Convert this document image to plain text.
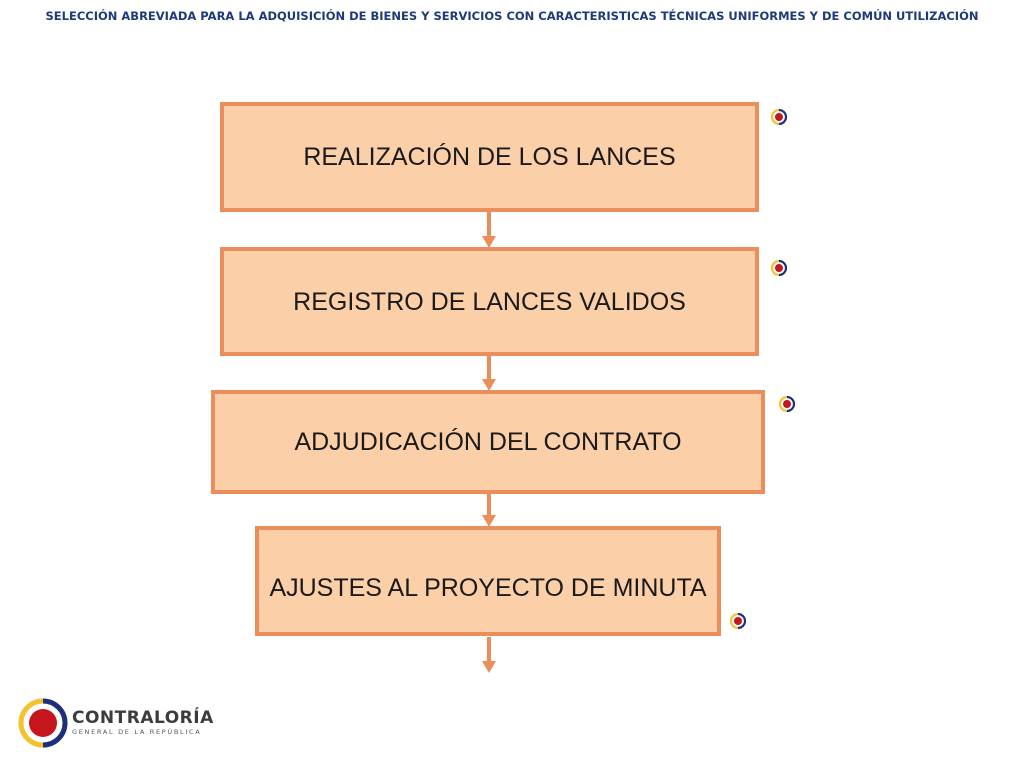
SELECCIÓN ABREVIADA PARA LA ADQUISICIÓN DE BIENES Y SERVICIOS CON CARACTERISTICAS TÉCNICAS UNIFORMES Y DE COMÚN UTILIZACIÓN
REALIZACIÓN DE LOS LANCES
REGISTRO DE LANCES VALIDOS
ADJUDICACIÓN DEL CONTRATO
AJUSTES AL PROYECTO DE MINUTA
CONTRALORÍA
GENERAL DE LA REPÚBLICA
